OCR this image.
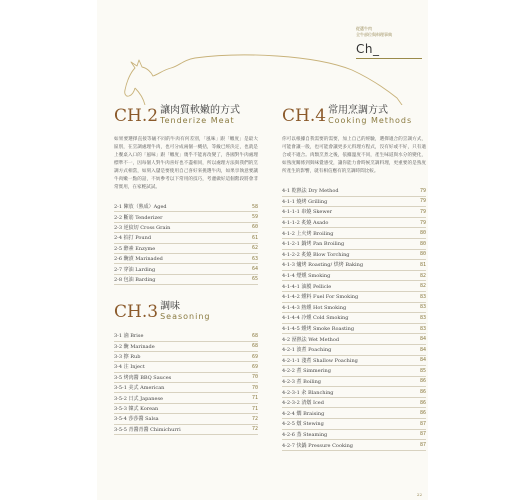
從選牛肉
全牛部位與料理事典
Ch_
CH.2 讓肉質軟嫩的方式
Tenderize Meat
如果要選擇直接等級不同的牛肉有何差別，「風味」跟「嫩度」是最大區別，在烹調處理牛肉，也可分成兩個一概括，等級已經決定，也就是上餐桌入口的「風味」跟「嫩度」幾乎不能再改變了，各國對牛肉處理標準不一，因每個人對牛肉喜好也不盡相同，所以處理方法與我們的烹調方式相當，如刻入儲是要使用自己喜好來挑選牛肉，如果享執意要讓牛肉嫩一點的話，不妨參考以下常用的技巧，考慮做好這個階段將會非常實用，在家輕試試。
2-1 陳放（熟成）Aged	58
2-2 斷筋 Tenderizer	59
2-3 逆紋切 Cross Grain	60
2-4 拍打 Pound	61
2-5 酵素 Enzyme	62
2-6 醃漬 Marinaded	63
2-7 穿油 Larding	64
2-8 包油 Barding	65
CH.3 調味
Seasoning
3-1 滷 Brise	68
3-2 醃 Marinade	68
3-3 擦 Rub	69
3-4 注 Inject	69
3-5 烤肉醬 BBQ Sauces	70
3-5-1 美式 American	70
3-5-2 日式 Japanese	71
3-5-3 韓式 Korean	71
3-5-4 莎莎醬 Salsa	72
3-5-5 青醬青醬 Chimichurri	72
CH.4 常用烹調方式
Cooking Methods
你可以根據自我需要的需要，加上自己的經驗，選擇適合的烹調方式，可能會讓一般，也可能會讓更多元料理方程式，沒有好或不好，只有適合或不適合。肉類烹煮之後，依據溫度不同，產生味道與水分的變化，如熟度關係到與味覺感受，讓你能力會時候烹調料理，更重要的是熟度所產生的影響，就有相信應有的烹調時間比較。
4-1 乾熱法 Dry Method	79
4-1-1 燒烤 Grilling	79
4-1-1-1 串燒 Skewer	79
4-1-1-2 炙燒 Asado	79
4-1-2 上火烤 Broiling	80
4-1-2-1 鍋烤 Pan Broiling	80
4-1-2-2 炙燒 Blow Torching	80
4-1-3 爐烤 Roasting/ 烘烤 Baking	81
4-1-4 煙燻 Smoking	82
4-1-4-1 油膜 Pellicle	82
4-1-4-2 燻料 Fuel For Smoking	83
4-1-4-3 熱燻 Hot Smoking	83
4-1-4-4 冷燻 Cold Smoking	83
4-1-4-5 燻烤 Smoke Roasting	83
4-2 溼熱法 Wet Method	84
4-2-1 波煮 Poaching	84
4-2-1-1 淺煮 Shallow Poaching	84
4-2-2 煮 Simmering	85
4-2-3 煮 Boiling	86
4-2-3-1 汆 Blanching	86
4-2-3-2 清燉 Iced	86
4-2-4 燜 Braising	86
4-2-5 燉 Stewing	87
4-2-6 蒸 Steaming	87
4-2-7 快鍋 Pressure Cooking	87
22
